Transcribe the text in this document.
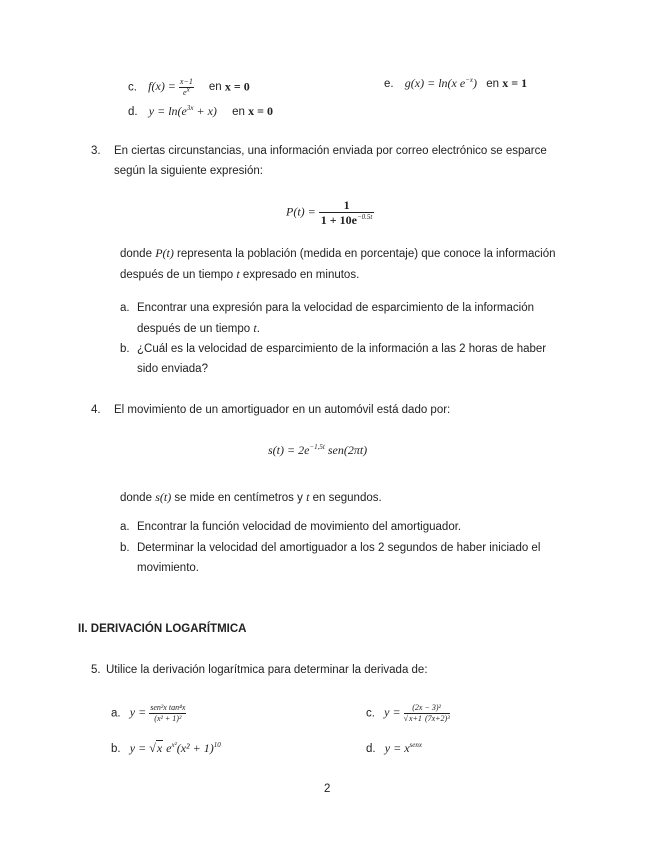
c. $f(x) = \frac{x-1}{e^x}$ en x = 0	e. g(x) = ln(x $e^{-x}$) en x = 1
d. $y = \ln(e^{3x} + x)$ en x = 0
3. En ciertas circunstancias, una información enviada por correo electrónico se esparce
según la siguiente expresión:
$P(t) = \frac{1}{1 + 10e^{-0.5t}}$
donde P(t) representa la población (medida en porcentaje) que conoce la información
después de un tiempo t expresado en minutos.
a. Encontrar una expresión para la velocidad de esparcimiento de la información
después de un tiempo t.
b. ¿Cuál es la velocidad de esparcimiento de la información a las 2 horas de haber
sido enviada?
4. El movimiento de un amortiguador en un automóvil está dado por:
$s(t) = 2e^{-1,5t}$ sen(2πt)
donde s(t) se mide en centímetros y t en segundos.
a. Encontrar la función velocidad de movimiento del amortiguador.
b. Determinar la velocidad del amortiguador a los 2 segundos de haber iniciado el
movimiento.
II. DERIVACIÓN LOGARÍTMICA
5. Utilice la derivación logarítmica para determinar la derivada de:
a. $y = \frac{\text{sen²x tan⁴x}}{\text{(x² + 1)²}}$	c. $y = \frac{\text{(2x − 3)²}}{\text{√x+1 (7x+2)³}}$
b. y = √x $e^{x^2}(x^2 + 1)^{10}$	d. $y = x^{senx}$
2
